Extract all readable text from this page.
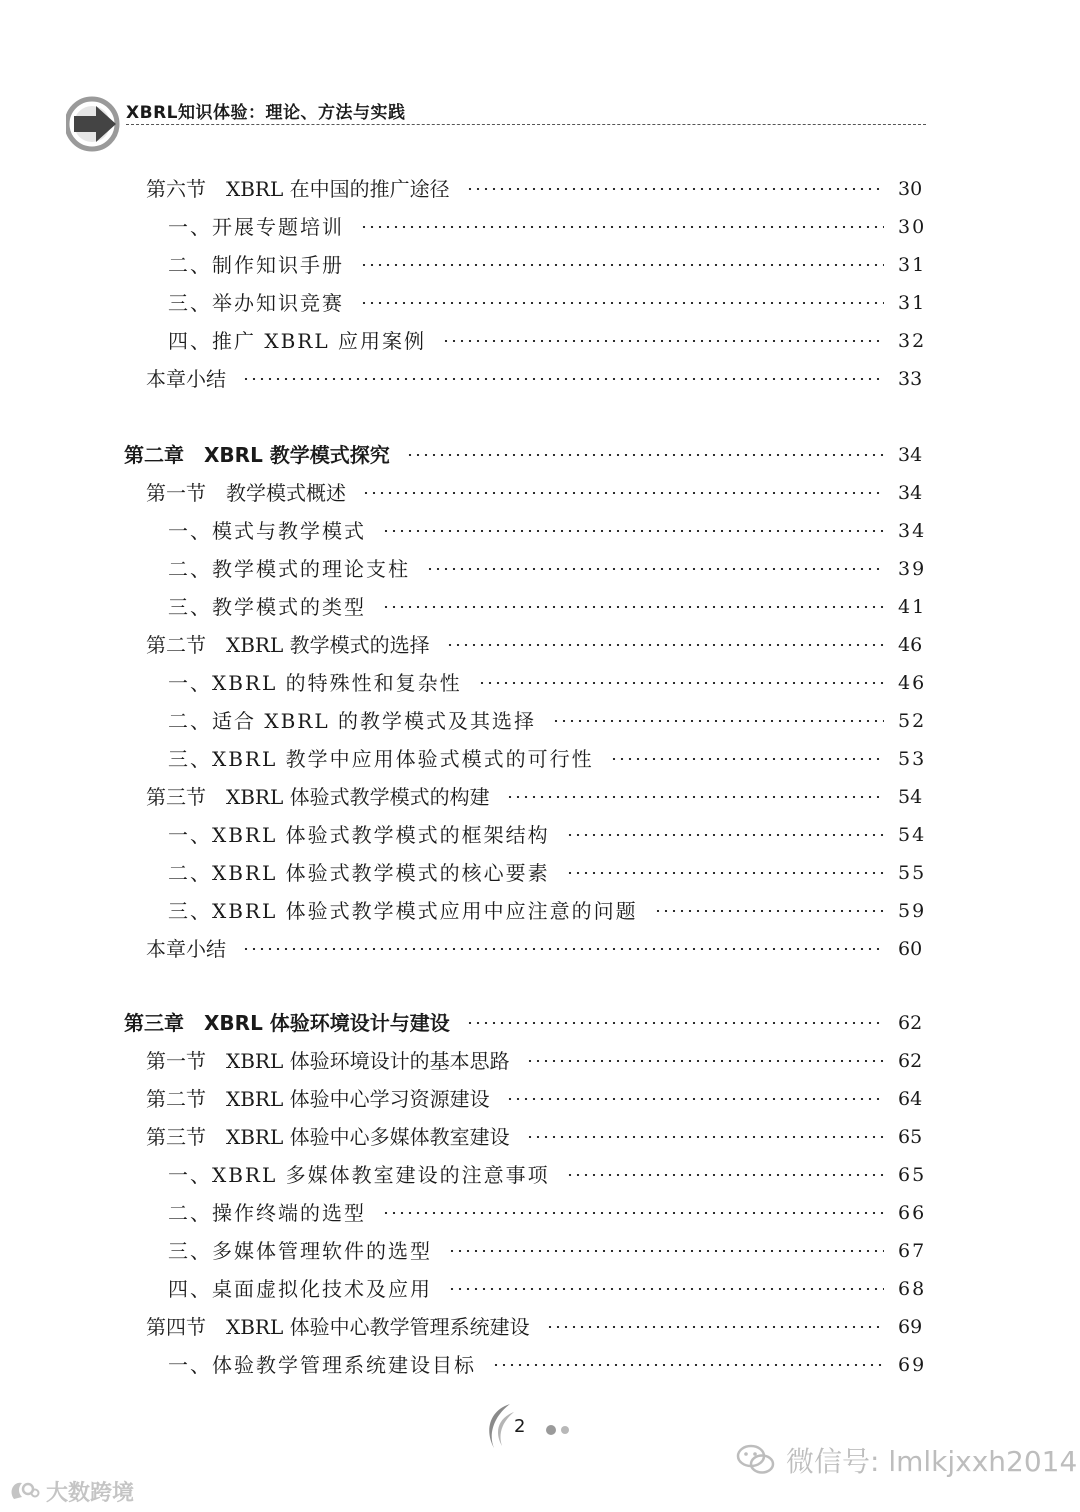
XBRL知识体验：理论、方法与实践
第六节　XBRL 在中国的推广途径	30
一、开展专题培训	30
二、制作知识手册	31
三、举办知识竞赛	31
四、推广 XBRL 应用案例	32
本章小结	33
第二章　XBRL 教学模式探究	34
第一节　教学模式概述	34
一、模式与教学模式	34
二、教学模式的理论支柱	39
三、教学模式的类型	41
第二节　XBRL 教学模式的选择	46
一、XBRL 的特殊性和复杂性	46
二、适合 XBRL 的教学模式及其选择	52
三、XBRL 教学中应用体验式模式的可行性	53
第三节　XBRL 体验式教学模式的构建	54
一、XBRL 体验式教学模式的框架结构	54
二、XBRL 体验式教学模式的核心要素	55
三、XBRL 体验式教学模式应用中应注意的问题	59
本章小结	60
第三章　XBRL 体验环境设计与建设	62
第一节　XBRL 体验环境设计的基本思路	62
第二节　XBRL 体验中心学习资源建设	64
第三节　XBRL 体验中心多媒体教室建设	65
一、XBRL 多媒体教室建设的注意事项	65
二、操作终端的选型	66
三、多媒体管理软件的选型	67
四、桌面虚拟化技术及应用	68
第四节　XBRL 体验中心教学管理系统建设	69
一、体验教学管理系统建设目标	69
2
微信号: lmlkjxxh2014
大数跨境
